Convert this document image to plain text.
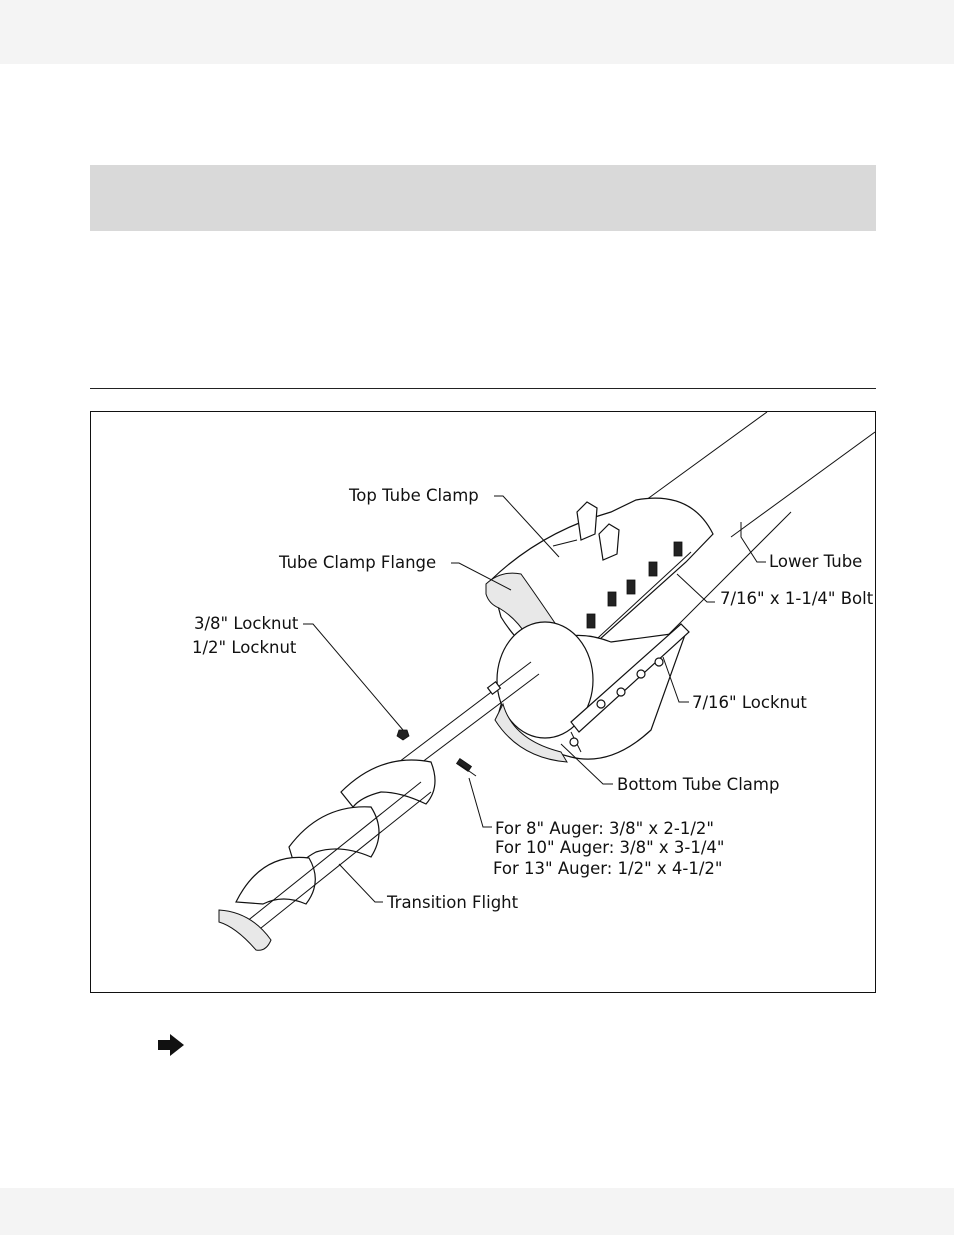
Top Tube Clamp
Tube Clamp Flange	Lower Tube
7/16" x 1-1/4" Bolt
3/8" Locknut
1/2" Locknut
7/16" Locknut
Bottom Tube Clamp
For 8" Auger: 3/8" x 2-1/2"
For 10" Auger: 3/8" x 3-1/4"
For 13" Auger: 1/2" x 4-1/2"
Transition Flight
